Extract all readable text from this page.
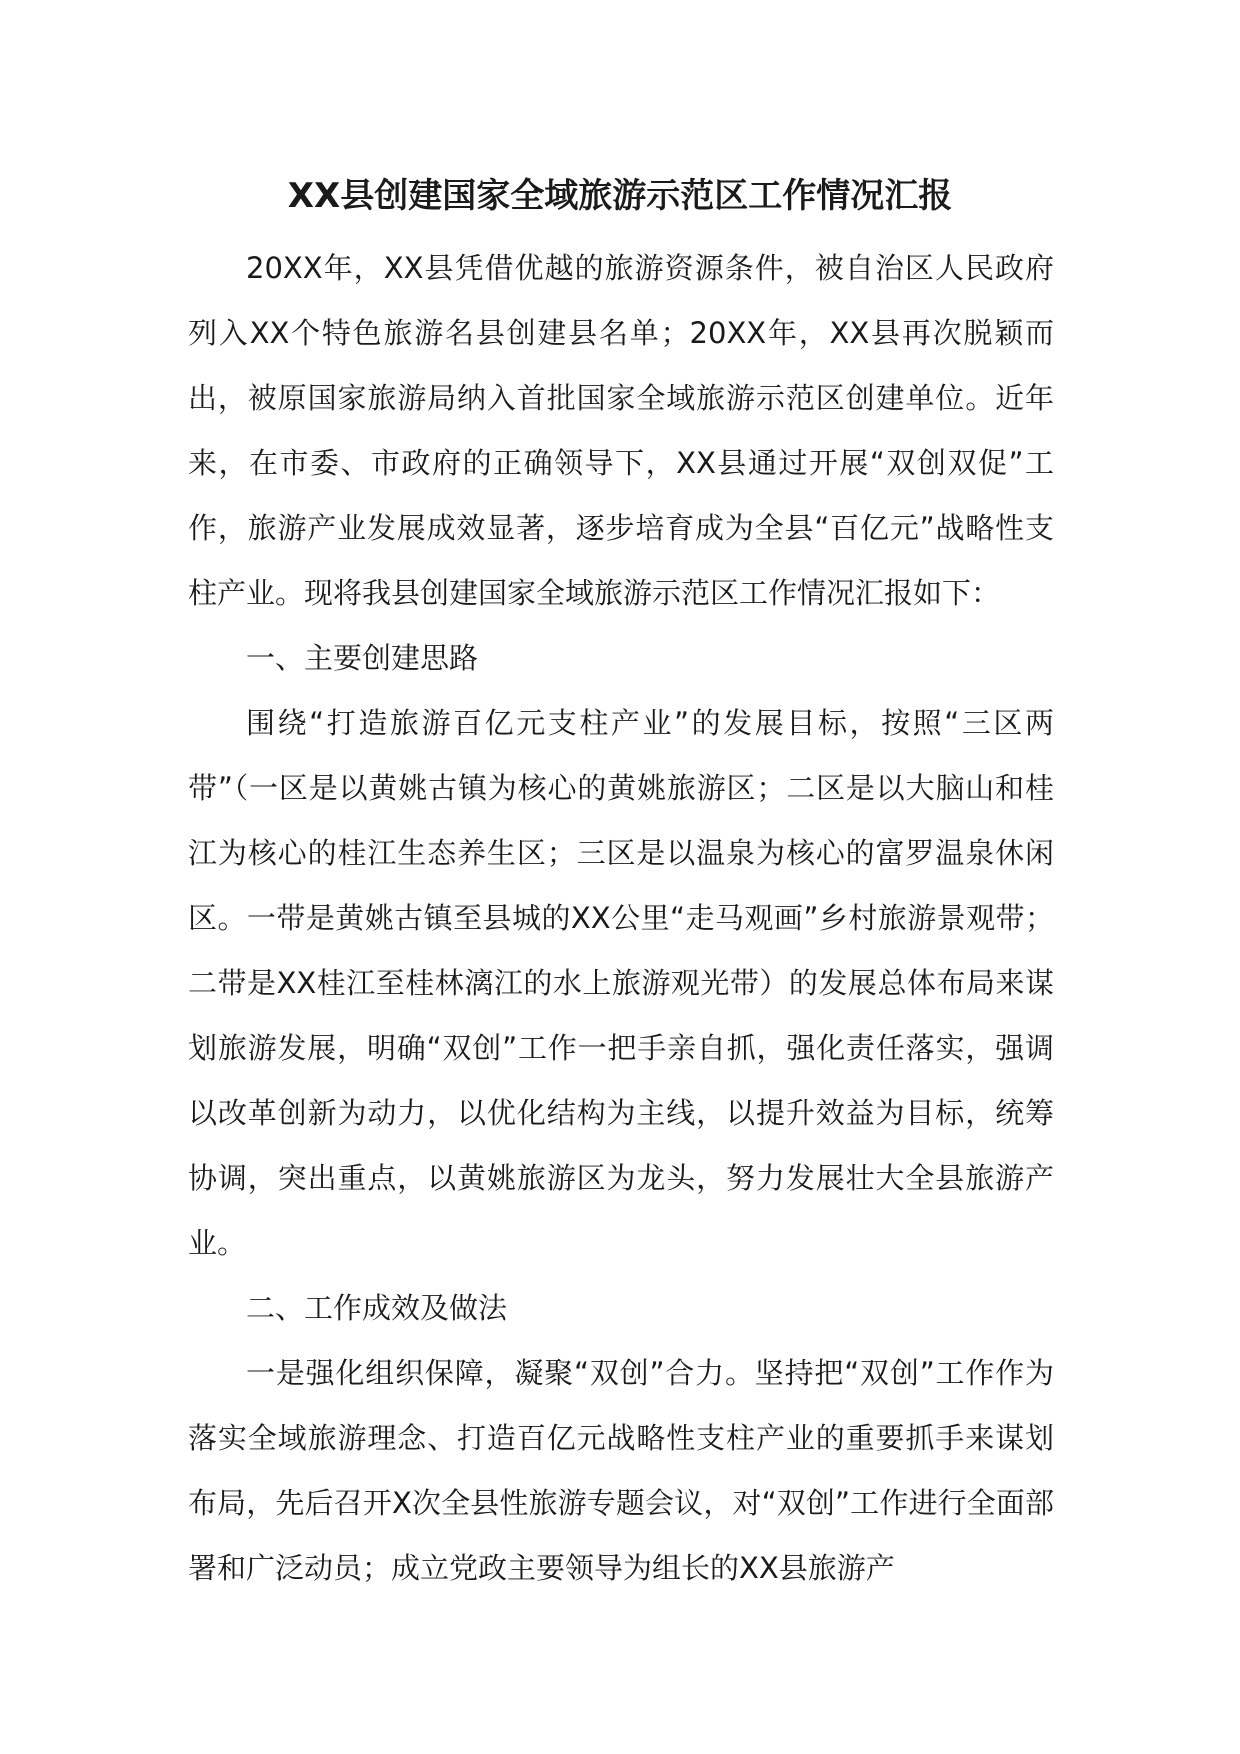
XX县创建国家全域旅游示范区工作情况汇报

20XX年，XX县凭借优越的旅游资源条件，被自治区人民政府列入XX个特色旅游名县创建县名单；20XX年，XX县再次脱颖而出，被原国家旅游局纳入首批国家全域旅游示范区创建单位。近年来，在市委、市政府的正确领导下，XX县通过开展“双创双促”工作，旅游产业发展成效显著，逐步培育成为全县“百亿元”战略性支柱产业。现将我县创建国家全域旅游示范区工作情况汇报如下：

一、主要创建思路

围绕“打造旅游百亿元支柱产业”的发展目标，按照“三区两带”（一区是以黄姚古镇为核心的黄姚旅游区；二区是以大脑山和桂江为核心的桂江生态养生区；三区是以温泉为核心的富罗温泉休闲区。一带是黄姚古镇至县城的XX公里“走马观画”乡村旅游景观带；二带是XX桂江至桂林漓江的水上旅游观光带）的发展总体布局来谋划旅游发展，明确“双创”工作一把手亲自抓，强化责任落实，强调以改革创新为动力，以优化结构为主线，以提升效益为目标，统筹协调，突出重点，以黄姚旅游区为龙头，努力发展壮大全县旅游产业。

二、工作成效及做法

一是强化组织保障，凝聚“双创”合力。坚持把“双创”工作作为落实全域旅游理念、打造百亿元战略性支柱产业的重要抓手来谋划布局，先后召开X次全县性旅游专题会议，对“双创”工作进行全面部署和广泛动员；成立党政主要领导为组长的XX县旅游产
